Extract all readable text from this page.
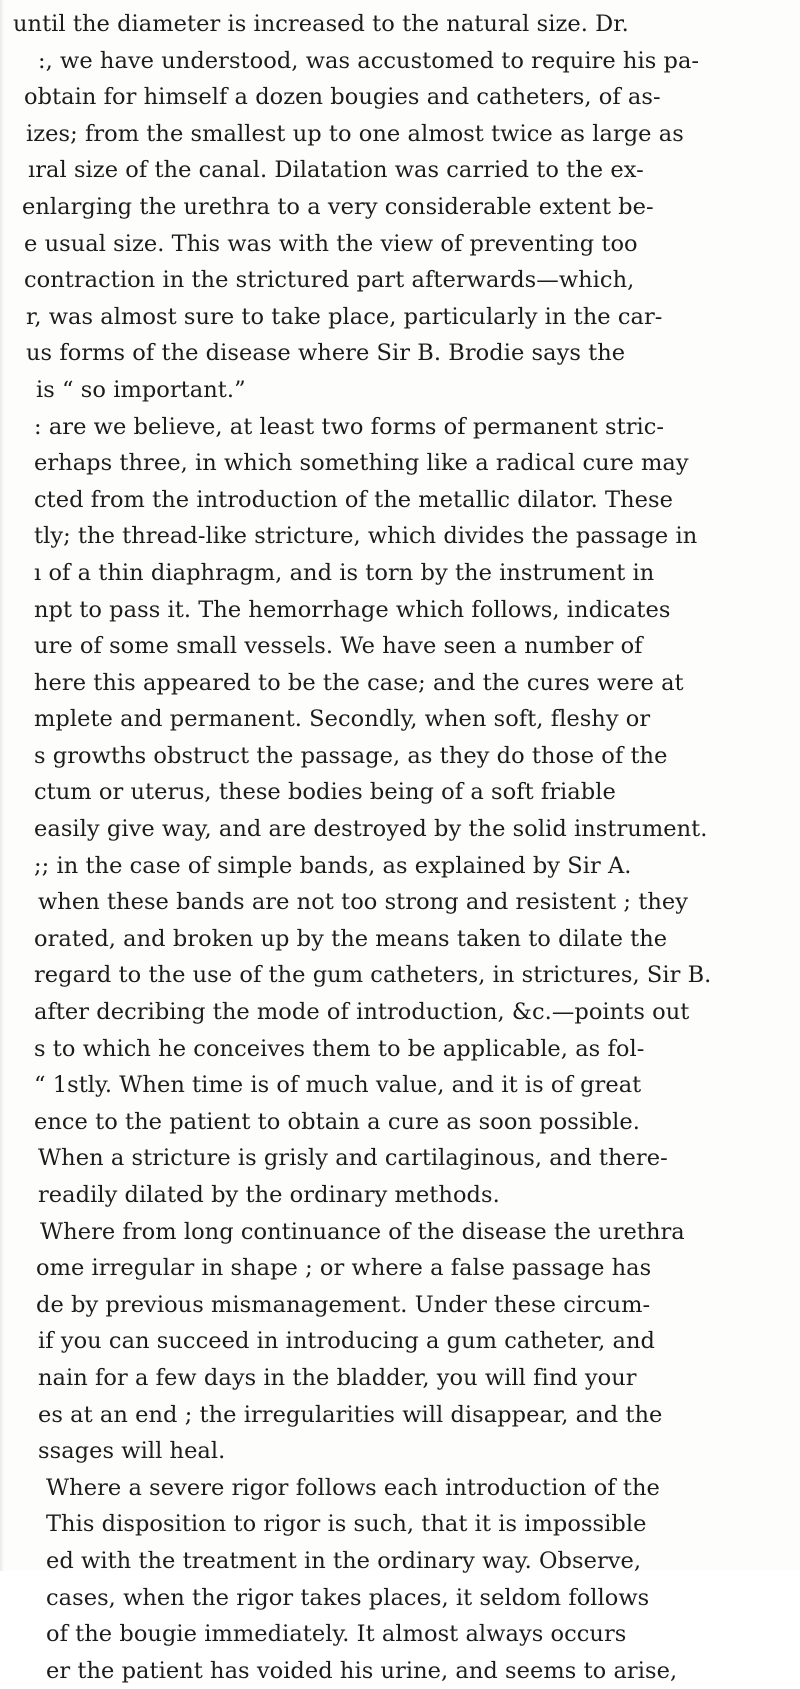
until the diameter is increased to the natural size. Dr.
:, we have understood, was accustomed to require his pa-
obtain for himself a dozen bougies and catheters, of as-
izes; from the smallest up to one almost twice as large as
ıral size of the canal. Dilatation was carried to the ex-
enlarging the urethra to a very considerable extent be-
e usual size. This was with the view of preventing too
contraction in the strictured part afterwards—which,
r, was almost sure to take place, particularly in the car-
us forms of the disease where Sir B. Brodie says the
is “ so important.”
: are we believe, at least two forms of permanent stric-
erhaps three, in which something like a radical cure may
cted from the introduction of the metallic dilator. These
tly; the thread-like stricture, which divides the passage in
ı of a thin diaphragm, and is torn by the instrument in
npt to pass it. The hemorrhage which follows, indicates
ure of some small vessels. We have seen a number of
here this appeared to be the case; and the cures were at
mplete and permanent. Secondly, when soft, fleshy or
s growths obstruct the passage, as they do those of the
ctum or uterus, these bodies being of a soft friable
easily give way, and are destroyed by the solid instrument.
;; in the case of simple bands, as explained by Sir A.
when these bands are not too strong and resistent ; they
orated, and broken up by the means taken to dilate the
regard to the use of the gum catheters, in strictures, Sir B.
after decribing the mode of introduction, &c.—points out
s to which he conceives them to be applicable, as fol-
“ 1stly. When time is of much value, and it is of great
ence to the patient to obtain a cure as soon possible.
When a stricture is grisly and cartilaginous, and there-
readily dilated by the ordinary methods.
Where from long continuance of the disease the urethra
ome irregular in shape ; or where a false passage has
de by previous mismanagement. Under these circum-
if you can succeed in introducing a gum catheter, and
nain for a few days in the bladder, you will find your
es at an end ; the irregularities will disappear, and the
ssages will heal.
Where a severe rigor follows each introduction of the
This disposition to rigor is such, that it is impossible
ed with the treatment in the ordinary way. Observe,
cases, when the rigor takes places, it seldom follows
of the bougie immediately. It almost always occurs
er the patient has voided his urine, and seems to arise,
